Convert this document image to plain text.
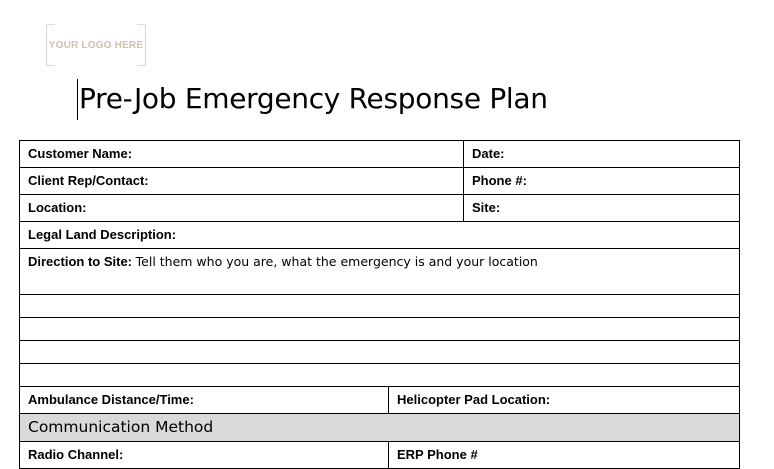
YOUR LOGO HERE
Pre-Job Emergency Response Plan
Customer Name:		Date:
Client Rep/Contact:		Phone #:
Location:		Site:
Legal Land Description:		
Direction to Site: Tell them who you are, what the emergency is and your location		

Ambulance Distance/Time:	Helicopter Pad Location:	
Communication Method		
Radio Channel:	ERP Phone #	
